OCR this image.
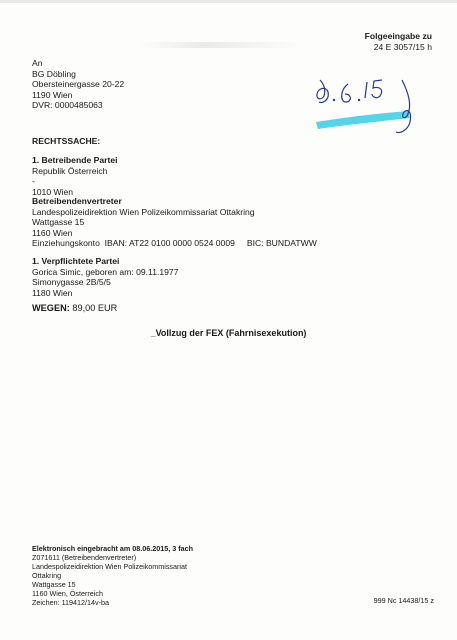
Folgeeingabe zu
24 E 3057/15 h
An
BG Döbling
Obersteinergasse 20-22
1190 Wien
DVR: 0000485063
RECHTSSACHE:
1. Betreibende Partei
Republik Österreich
-
1010 Wien
Betreibendenvertreter
Landespolizeidirektion Wien Polizeikommissariat Ottakring
Wattgasse 15
1160 Wien
Einziehungskonto  IBAN: AT22 0100 0000 0524 0009     BIC: BUNDATWW
1. Verpflichtete Partei
Gorica Simic, geboren am: 09.11.1977
Simonygasse 2B/5/5
1180 Wien
WEGEN: 89,00 EUR
_Vollzug der FEX (Fahrnisexekution)
Elektronisch eingebracht am 08.06.2015, 3 fach
Z071611 (Betreibendenvertreter)
Landespolizeidirektion Wien Polizeikommissariat
Ottakring
Wattgasse 15
1160 Wien, Österreich
Zeichen: 119412/14v-ba	999 Nc 14438/15 z
